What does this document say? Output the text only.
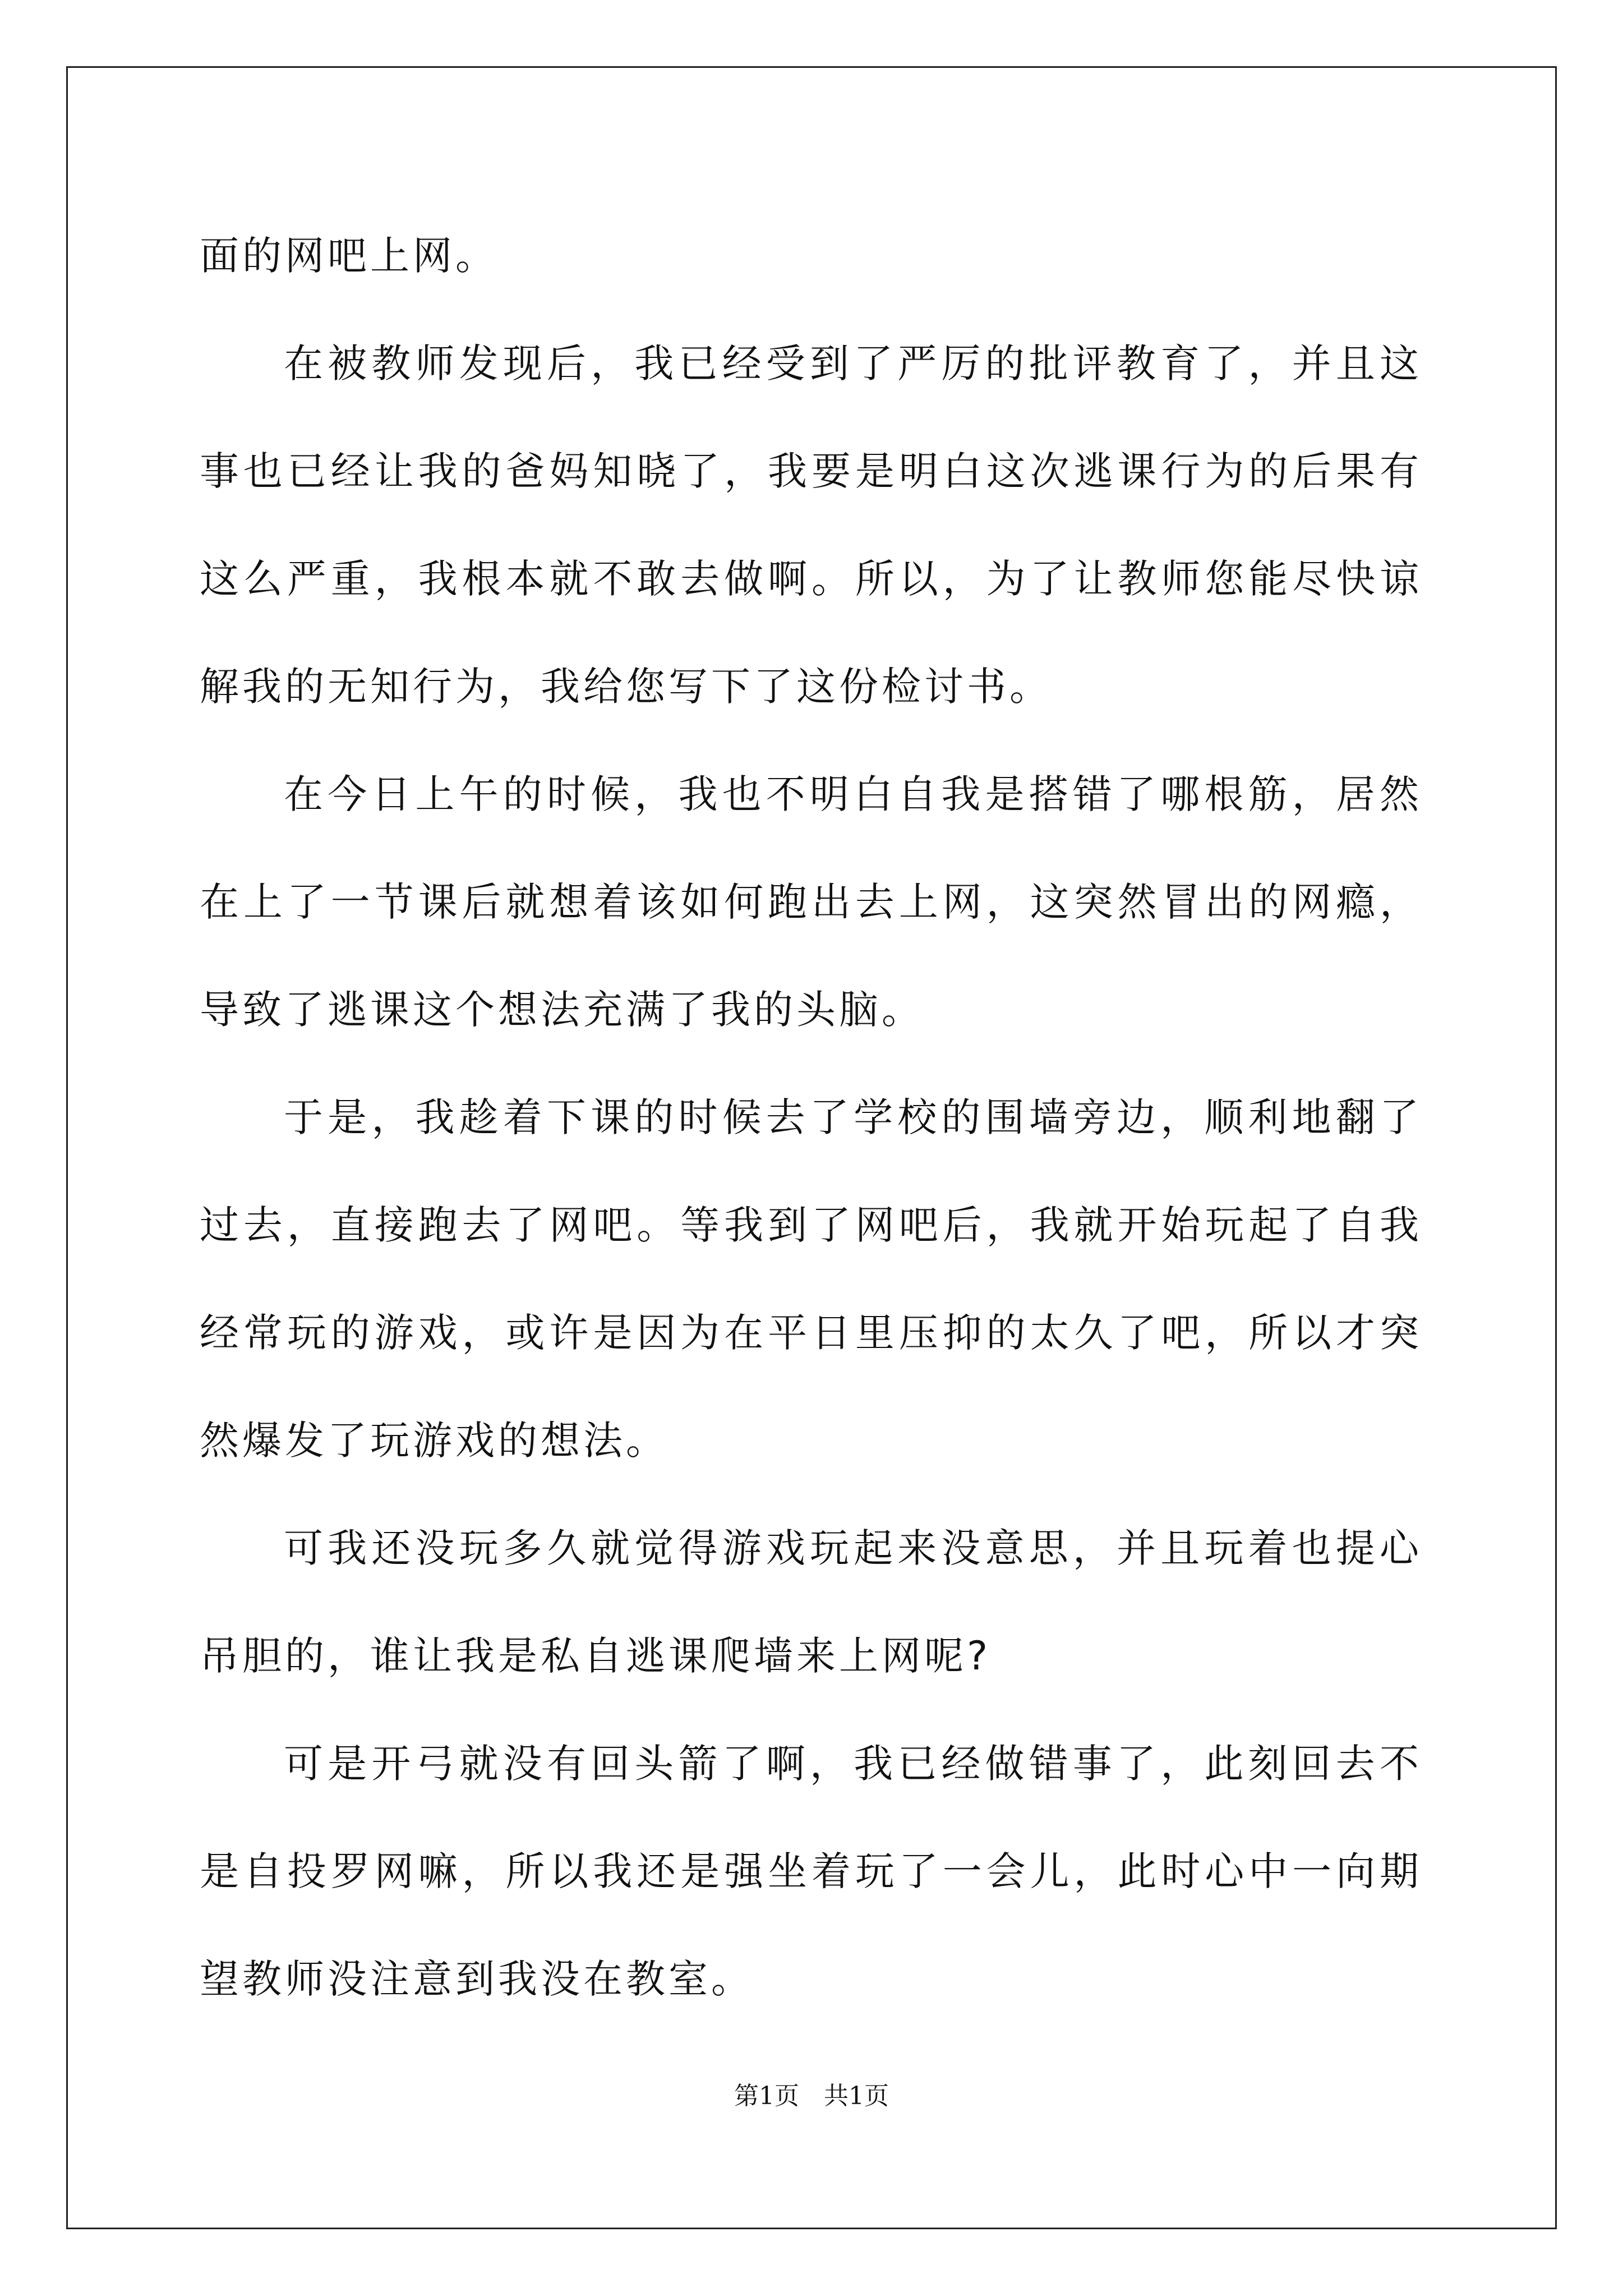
面的网吧上网。

在被教师发现后，我已经受到了严厉的批评教育了，并且这事也已经让我的爸妈知晓了，我要是明白这次逃课行为的后果有这么严重，我根本就不敢去做啊。所以，为了让教师您能尽快谅解我的无知行为，我给您写下了这份检讨书。

在今日上午的时候，我也不明白自我是搭错了哪根筋，居然在上了一节课后就想着该如何跑出去上网，这突然冒出的网瘾，导致了逃课这个想法充满了我的头脑。

于是，我趁着下课的时候去了学校的围墙旁边，顺利地翻了过去，直接跑去了网吧。等我到了网吧后，我就开始玩起了自我经常玩的游戏，或许是因为在平日里压抑的太久了吧，所以才突然爆发了玩游戏的想法。

可我还没玩多久就觉得游戏玩起来没意思，并且玩着也提心吊胆的，谁让我是私自逃课爬墙来上网呢?

可是开弓就没有回头箭了啊，我已经做错事了，此刻回去不是自投罗网嘛，所以我还是强坐着玩了一会儿，此时心中一向期望教师没注意到我没在教室。

第1页　共1页
